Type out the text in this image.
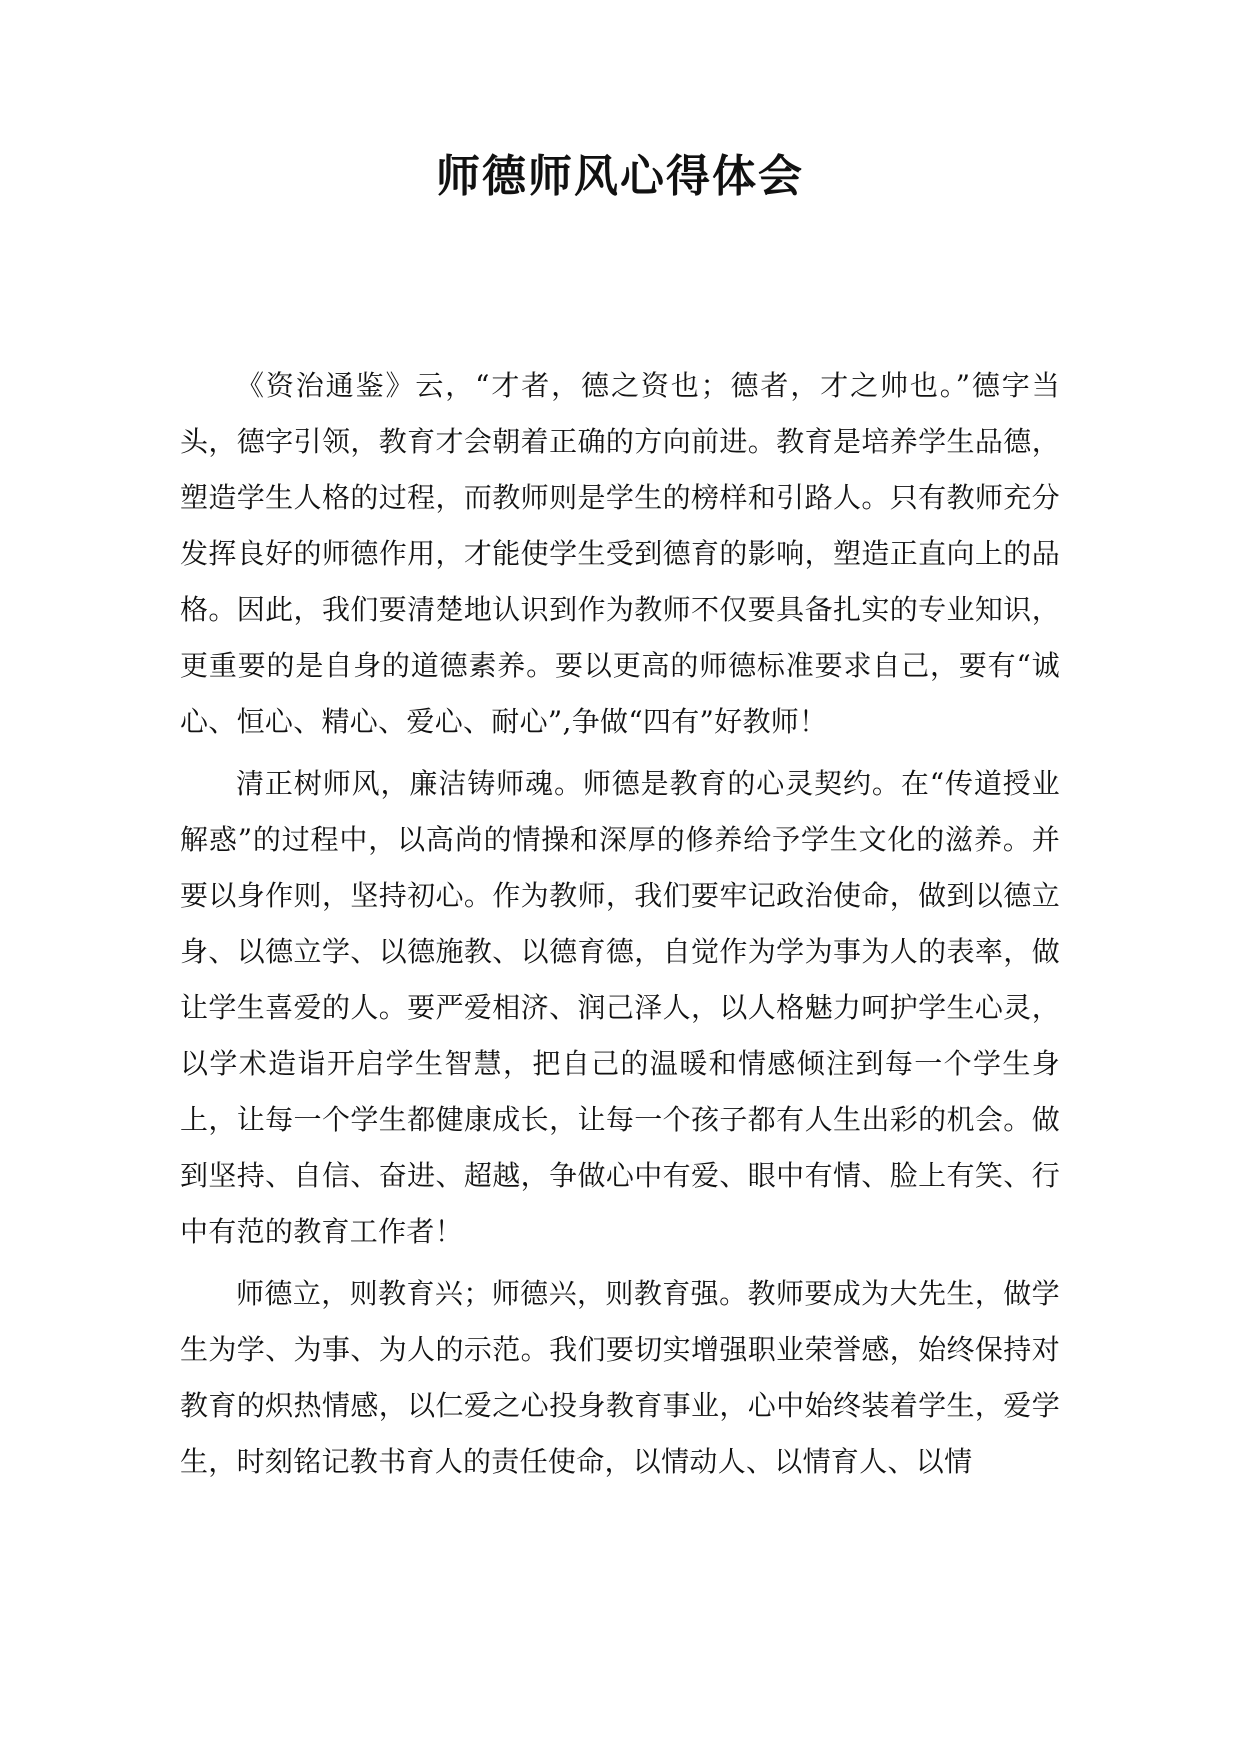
师德师风心得体会

《资治通鉴》云，“才者，德之资也；德者，才之帅也。”德字当头，德字引领，教育才会朝着正确的方向前进。教育是培养学生品德，塑造学生人格的过程，而教师则是学生的榜样和引路人。只有教师充分发挥良好的师德作用，才能使学生受到德育的影响，塑造正直向上的品格。因此，我们要清楚地认识到作为教师不仅要具备扎实的专业知识，更重要的是自身的道德素养。要以更高的师德标准要求自己，要有“诚心、恒心、精心、爱心、耐心”,争做“四有”好教师！

清正树师风，廉洁铸师魂。师德是教育的心灵契约。在“传道授业解惑”的过程中，以高尚的情操和深厚的修养给予学生文化的滋养。并要以身作则，坚持初心。作为教师，我们要牢记政治使命，做到以德立身、以德立学、以德施教、以德育德，自觉作为学为事为人的表率，做让学生喜爱的人。要严爱相济、润己泽人，以人格魅力呵护学生心灵，以学术造诣开启学生智慧，把自己的温暖和情感倾注到每一个学生身上，让每一个学生都健康成长，让每一个孩子都有人生出彩的机会。做到坚持、自信、奋进、超越，争做心中有爱、眼中有情、脸上有笑、行中有范的教育工作者！

师德立，则教育兴；师德兴，则教育强。教师要成为大先生，做学生为学、为事、为人的示范。我们要切实增强职业荣誉感，始终保持对教育的炽热情感，以仁爱之心投身教育事业，心中始终装着学生，爱学生，时刻铭记教书育人的责任使命，以情动人、以情育人、以情
